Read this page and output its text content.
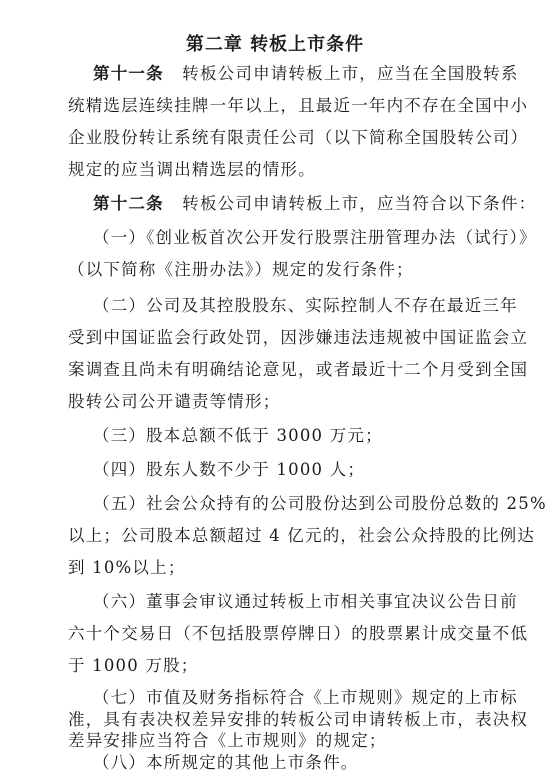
第二章 转板上市条件
第十一条 转板公司申请转板上市，应当在全国股转系
统精选层连续挂牌一年以上，且最近一年内不存在全国中小
企业股份转让系统有限责任公司（以下简称全国股转公司）
规定的应当调出精选层的情形。
第十二条 转板公司申请转板上市，应当符合以下条件：
（一）《创业板首次公开发行股票注册管理办法（试行）》
（以下简称《注册办法》）规定的发行条件；
（二）公司及其控股股东、实际控制人不存在最近三年
受到中国证监会行政处罚，因涉嫌违法违规被中国证监会立
案调查且尚未有明确结论意见，或者最近十二个月受到全国
股转公司公开谴责等情形；
（三）股本总额不低于 3000 万元；
（四）股东人数不少于 1000 人；
（五）社会公众持有的公司股份达到公司股份总数的 25%
以上；公司股本总额超过 4 亿元的，社会公众持股的比例达
到 10%以上；
（六）董事会审议通过转板上市相关事宜决议公告日前
六十个交易日（不包括股票停牌日）的股票累计成交量不低
于 1000 万股；
（七）市值及财务指标符合《上市规则》规定的上市标
准，具有表决权差异安排的转板公司申请转板上市，表决权
差异安排应当符合《上市规则》的规定；
（八）本所规定的其他上市条件。
